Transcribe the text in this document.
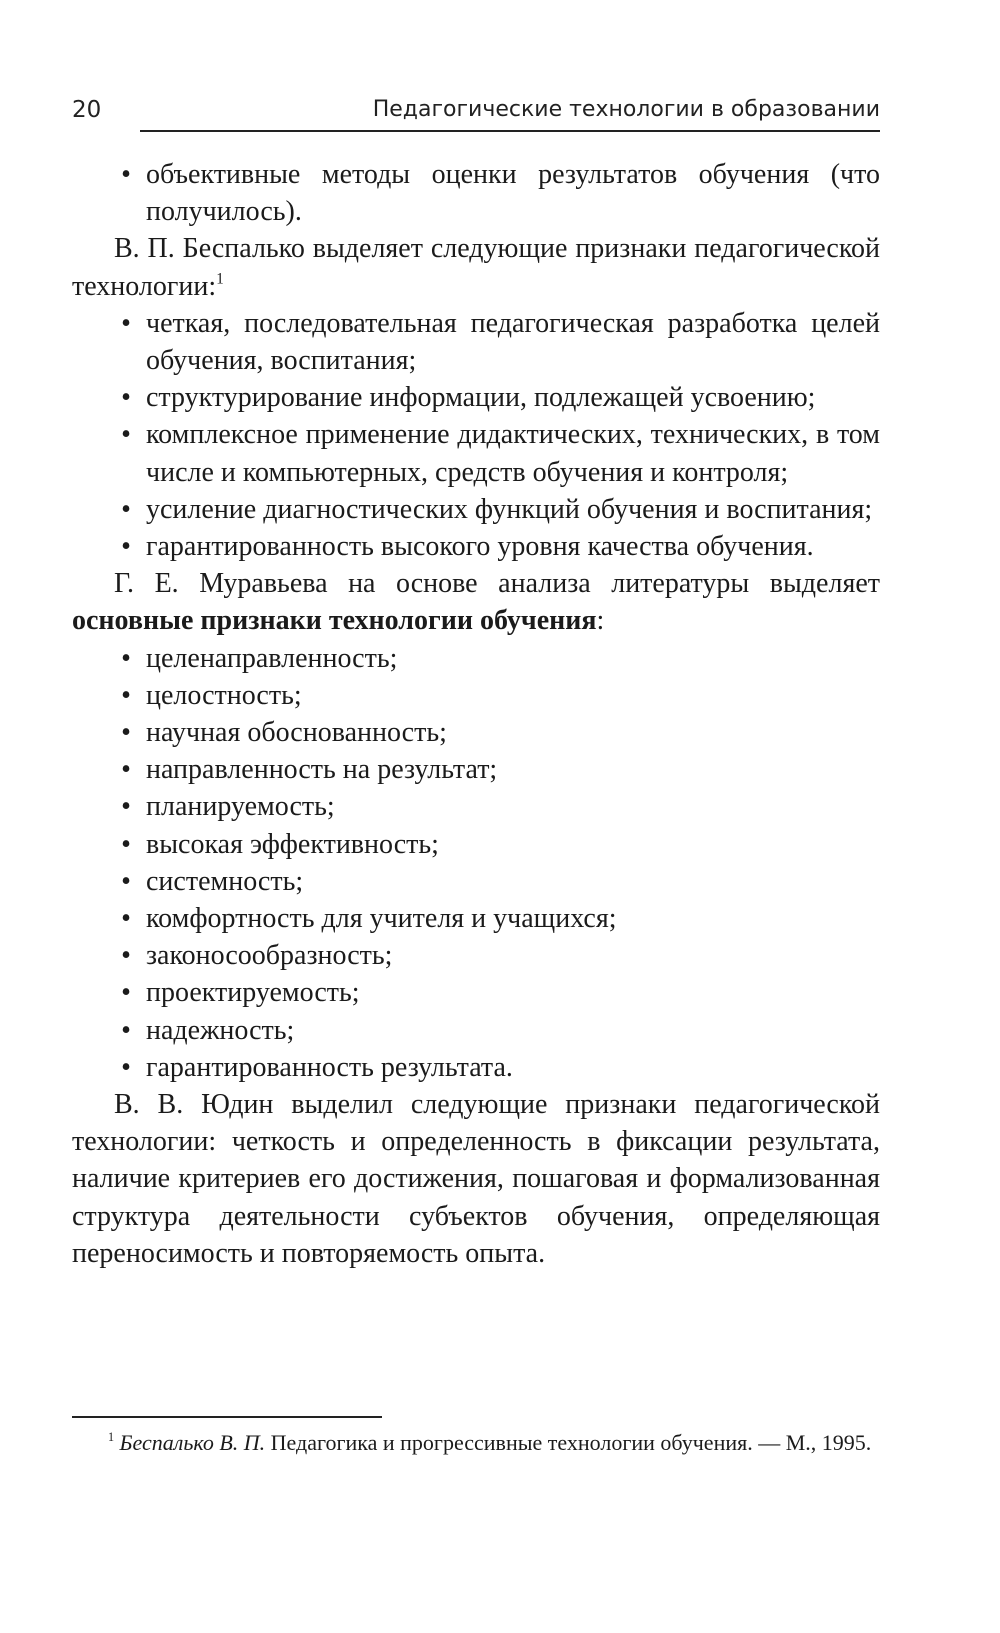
20	Педагогические технологии в образовании
• объективные методы оценки результатов обучения (что получилось).

В. П. Беспалько выделяет следующие признаки педагогической технологии:$^1$

• четкая, последовательная педагогическая разработка целей обучения, воспитания;
• структурирование информации, подлежащей усвоению;
• комплексное применение дидактических, технических, в том числе и компьютерных, средств обучения и контроля;
• усиление диагностических функций обучения и воспитания;
• гарантированность высокого уровня качества обучения.

Г. Е. Муравьева на основе анализа литературы выделяет основные признаки технологии обучения:

• целенаправленность;
• целостность;
• научная обоснованность;
• направленность на результат;
• планируемость;
• высокая эффективность;
• системность;
• комфортность для учителя и учащихся;
• законосообразность;
• проектируемость;
• надежность;
• гарантированность результата.

В. В. Юдин выделил следующие признаки педагогической технологии: четкость и определенность в фиксации результата, наличие критериев его достижения, пошаговая и формализованная структура деятельности субъектов обучения, определяющая переносимость и повторяемость опыта.

$^1$ Беспалько В. П. Педагогика и прогрессивные технологии обучения. — М., 1995.
